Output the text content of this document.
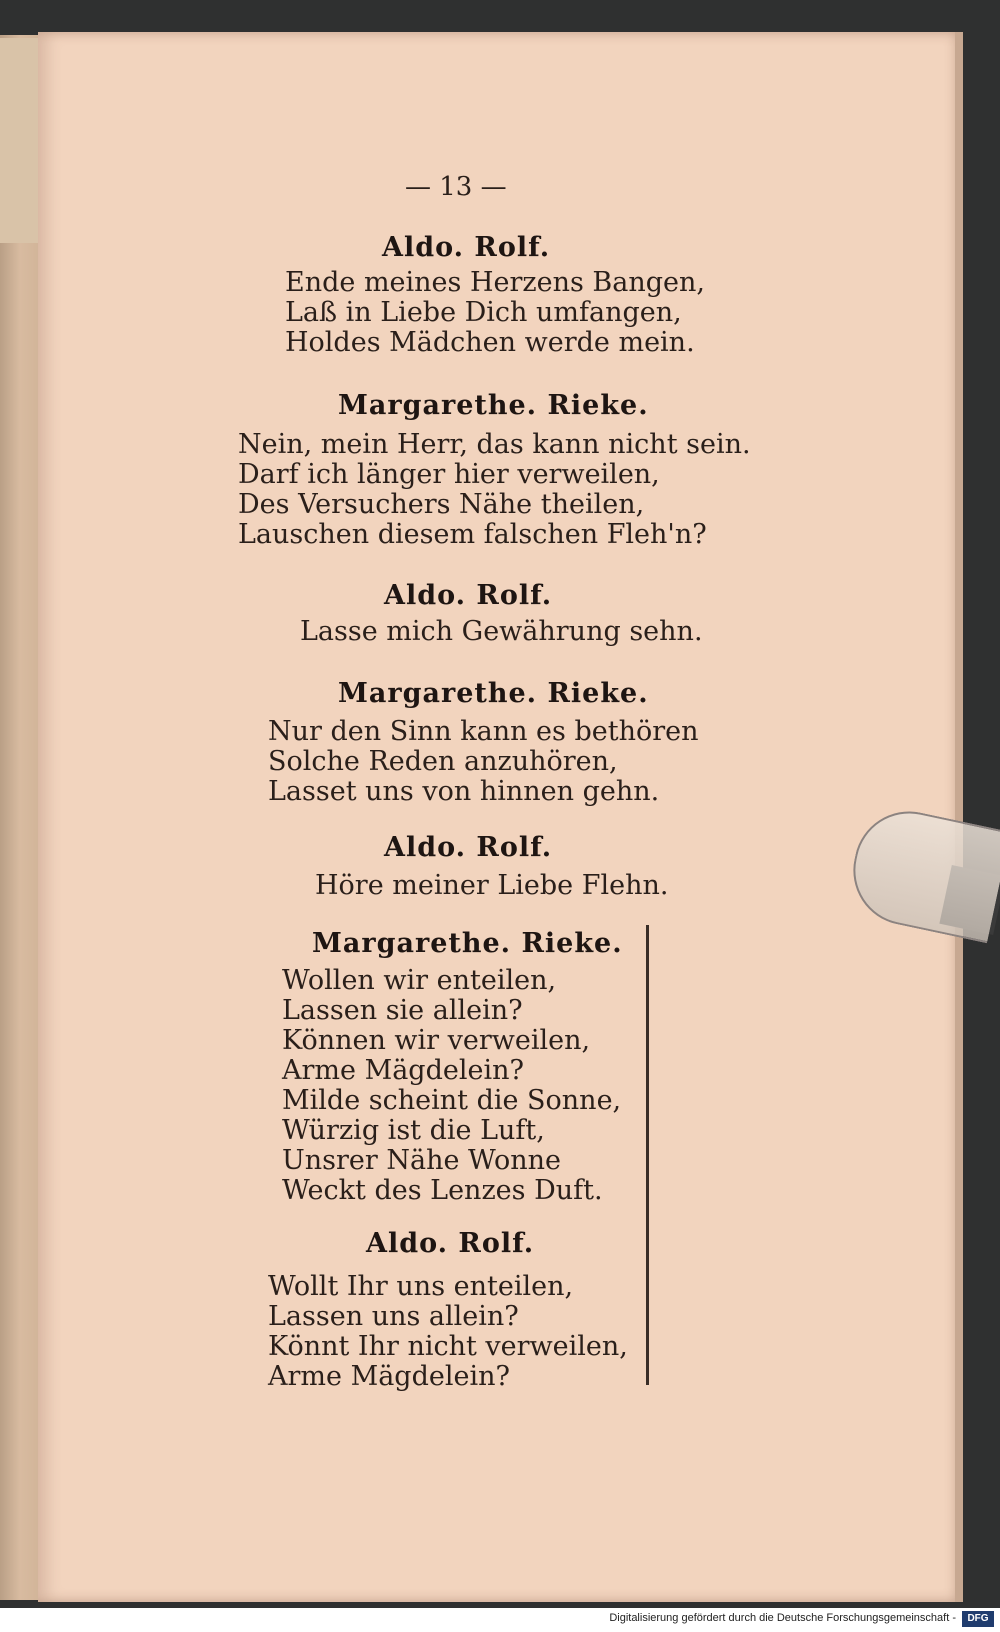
— 13 —
Aldo. Rolf.
Ende meines Herzens Bangen,
Laß in Liebe Dich umfangen,
Holdes Mädchen werde mein.
Margarethe. Rieke.
Nein, mein Herr, das kann nicht sein.
Darf ich länger hier verweilen,
Des Versuchers Nähe theilen,
Lauschen diesem falschen Fleh'n?
Aldo. Rolf.
Lasse mich Gewährung sehn.
Margarethe. Rieke.
Nur den Sinn kann es bethören
Solche Reden anzuhören,
Lasset uns von hinnen gehn.
Aldo. Rolf.
Höre meiner Liebe Flehn.
Margarethe. Rieke.
Wollen wir enteilen,
Lassen sie allein?
Können wir verweilen,
Arme Mägdelein?
Milde scheint die Sonne,
Würzig ist die Luft,
Unsrer Nähe Wonne
Weckt des Lenzes Duft.
Aldo. Rolf.
Wollt Ihr uns enteilen,
Lassen uns allein?
Könnt Ihr nicht verweilen,
Arme Mägdelein?
Digitalisierung gefördert durch die Deutsche Forschungsgemeinschaft -	DFG
